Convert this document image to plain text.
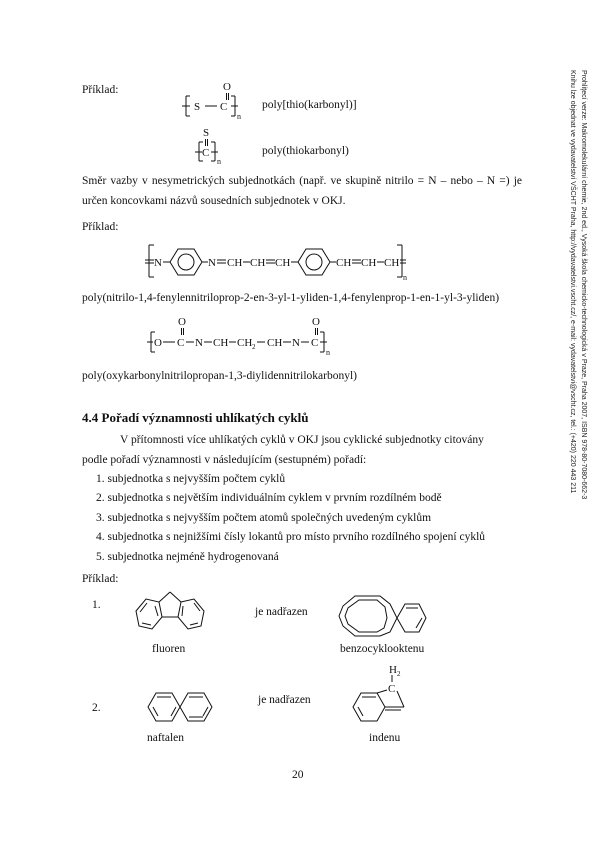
Prohlíţecí verze: Makromolekulární chemie, 2nd ed., Vysoká škola chemicko-technologická v Praze, Praha 2007, ISBN 978-80-7080-662-3
Knihu lze objednat ve vydavatelství VŠCHT Praha, http://vydavatelstvi.vscht.cz/, e-mail: vydavatelstvi@vscht.cz, tel.: (+420) 220 443 211
Příklad:	O
S C
n
S
C
n
poly[thio(karbonyl)]
poly(thiokarbonyl)
Směr vazby v nesymetrických subjednotkách (např. ve skupině nitrilo = N – nebo – N =) je určen koncovkami názvů sousedních subjednotek v OKJ.
Příklad:
N	N CH CH CH	CH CH CH
n
poly(nitrilo-1,4-fenylennitriloprop-2-en-3-yl-1-yliden-1,4-fenylenprop-1-en-1-yl-3-yliden)
O
O C N CH CH 2 CH N
O
C
n
poly(oxykarbonylnitrilopropan-1,3-diylidennitrilokarbonyl)
4.4 Pořadí významnosti uhlíkatých cyklů
V přítomnosti více uhlíkatých cyklů v OKJ jsou cyklické subjednotky citovány
podle pořadí významnosti v následujícím (sestupném) pořadí:
1. subjednotka s nejvyšším počtem cyklů
2. subjednotka s největším individuálním cyklem v prvním rozdílném bodě
3. subjednotka s nejvyšším počtem atomů společných uvedeným cyklům
4. subjednotka s nejnižšími čísly lokantů pro místo prvního rozdílného spojení cyklů
5. subjednotka nejméně hydrogenovaná
Příklad:
1.
fluoren
je nadřazen
benzocyklooktenu
2.
naftalen
je nadřazen
H 2
C
indenu
20
